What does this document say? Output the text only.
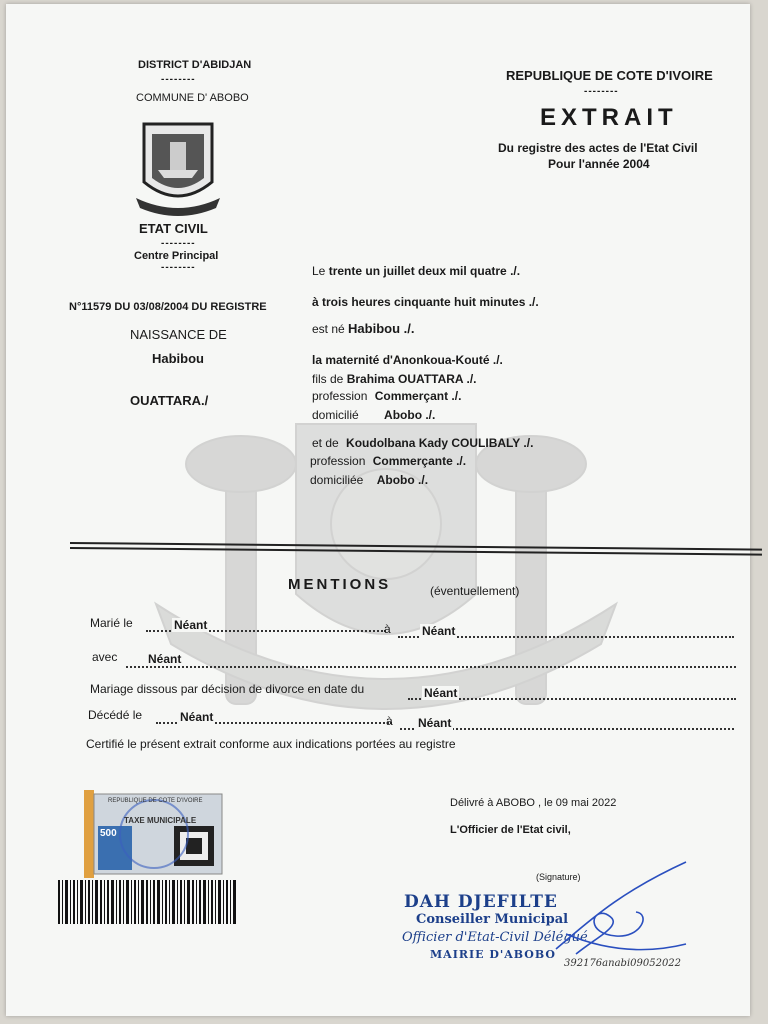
DISTRICT D'ABIDJAN
--------
COMMUNE D' ABOBO
ETAT CIVIL
--------
Centre Principal
--------
REPUBLIQUE DE COTE D'IVOIRE
--------
EXTRAIT
Du registre des actes de l'Etat Civil
Pour l'année 2004
N°11579 DU 03/08/2004 DU REGISTRE
NAISSANCE DE
Habibou
OUATTARA./
Le trente un juillet deux mil quatre ./.
à trois heures cinquante huit minutes ./.
est né Habibou ./.
la maternité d'Anonkoua-Kouté ./.
fils de Brahima OUATTARA ./.
profession Commerçant ./.
domicilié Abobo ./.
et de Koudolbana Kady COULIBALY ./.
profession Commerçante ./.
domiciliée Abobo ./.
MENTIONS	(éventuellement)
Marié le	Néant	à	Néant
avec	Néant
Mariage dissous par décision de divorce en date du	Néant
Décédé le	Néant	à Néant
Certifié le présent extrait conforme aux indications portées au registre
REPUBLIQUE DE COTE D'IVOIRE
TAXE MUNICIPALE
500
Délivré à ABOBO , le 09 mai 2022
L'Officier de l'Etat civil,
(Signature)
DAH DJEFILTE
Conseiller Municipal
Officier d'Etat-Civil Délégué
MAIRIE D'ABOBO
392176anabi09052022
